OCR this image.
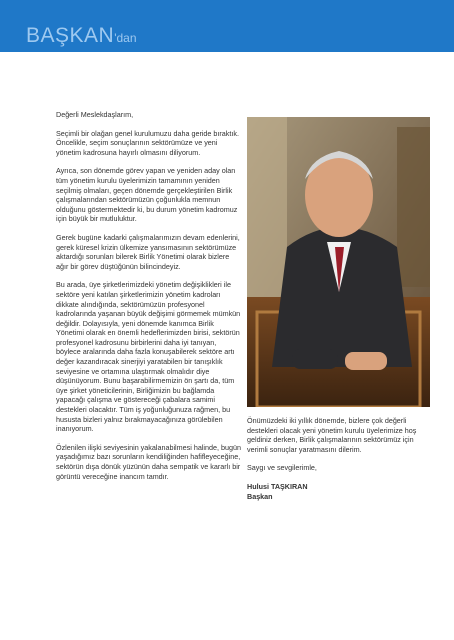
BAŞKAN'dan

Değerli Meslekdaşlarım,

Seçimli bir olağan genel kurulumuzu daha geride bıraktık. Öncelikle, seçim sonuçlarının sektörümüze ve yeni yönetim kadrosuna hayırlı olmasını diliyorum.

Ayrıca, son dönemde görev yapan ve yeniden aday olan tüm yönetim kurulu üyelerimizin tamamının yeniden seçilmiş olmaları, geçen dönemde gerçekleştirilen Birlik çalışmalarından sektörümüzün çoğunlukla memnun olduğunu göstermektedir ki, bu durum yönetim kadromuz için büyük bir mutluluktur.

Gerek bugüne kadarki çalışmalarımızın devam edenlerini, gerek küresel krizin ülkemize yansımasının sektörümüze aktardığı sorunları bilerek Birlik Yönetimi olarak bizlere ağır bir görev düştüğünün bilincindeyiz.

Bu arada, üye şirketlerimizdeki yönetim değişiklikleri ile sektöre yeni katılan şirketlerimizin yönetim kadroları dikkate alındığında, sektörümüzün profesyonel kadrolarında yaşanan büyük değişimi görmemek mümkün değildir. Dolayısıyla, yeni dönemde kanımca Birlik Yönetimi olarak en önemli hedeflerimizden birisi, sektörün profesyonel kadrosunu birbirlerini daha iyi tanıyan, böylece aralarında daha fazla konuşabilerek sektöre artı değer kazandıracak sinerjiyi yaratabilen bir tanışıklık seviyesine ve ortamına ulaştırmak olmalıdır diye düşünüyorum. Bunu başarabilirmemizin ön şartı da, tüm üye şirket yöneticilerinin, Birliğimizin bu bağlamda yapacağı çalışma ve göstereceği çabalara samimi destekleri olacaktır. Tüm iş yoğunluğunuza rağmen, bu hususta bizleri yalnız bırakmayacağınıza görülebilen inanıyorum.

Özlenilen ilişki seviyesinin yakalanabilmesi halinde, bugün yaşadığımız bazı sorunların kendiliğinden hafifleyeceğine, sektörün dışa dönük yüzünün daha sempatik ve kararlı bir görüntü vereceğine inancım tamdır.

Önümüzdeki iki yıllık dönemde, bizlere çok değerli destekleri olacak yeni yönetim kurulu üyelerimize hoş geldiniz derken, Birlik çalışmalarının sektörümüz için verimli sonuçlar yaratmasını dilerim.

Saygı ve sevgilerimle,

Hulusi TAŞKIRAN
Başkan
